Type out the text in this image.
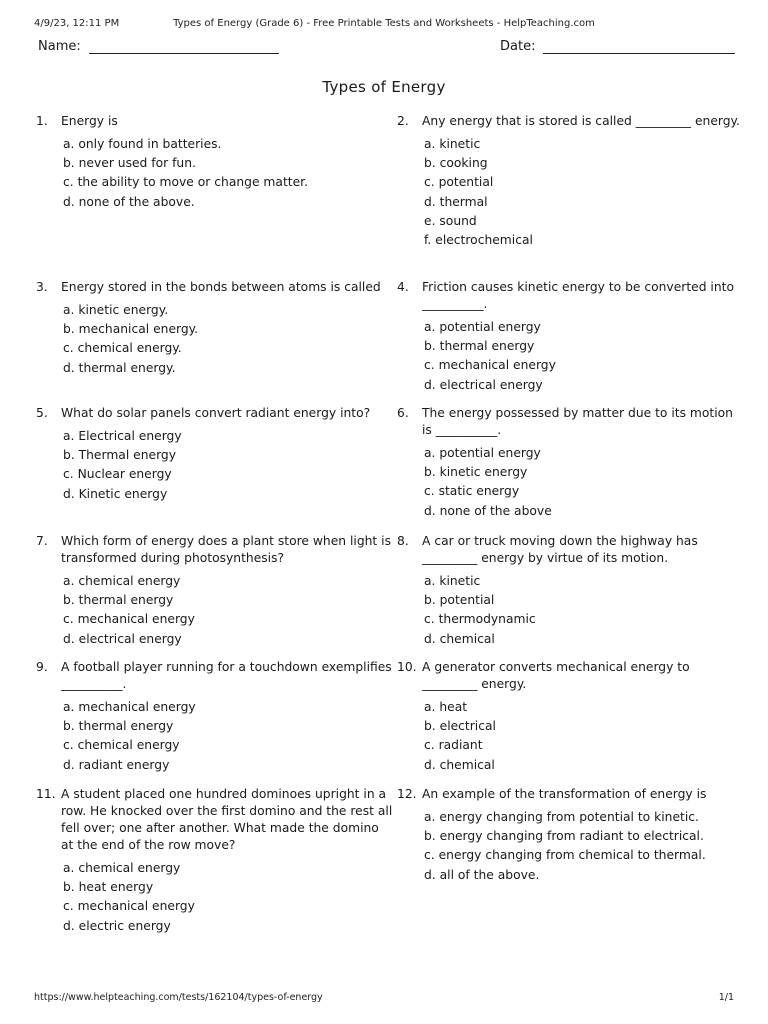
4/9/23, 12:11 PM	Types of Energy (Grade 6) - Free Printable Tests and Worksheets - HelpTeaching.com
Name:	Date:
Types of Energy
1.	Energy is
a. only found in batteries.
b. never used for fun.
c. the ability to move or change matter.
d. none of the above.
2.	Any energy that is stored is called _________ energy.
a. kinetic
b. cooking
c. potential
d. thermal
e. sound
f. electrochemical
3.	Energy stored in the bonds between atoms is called
a. kinetic energy.
b. mechanical energy.
c. chemical energy.
d. thermal energy.
4.	Friction causes kinetic energy to be converted into __________.
a. potential energy
b. thermal energy
c. mechanical energy
d. electrical energy
5.	What do solar panels convert radiant energy into?
a. Electrical energy
b. Thermal energy
c. Nuclear energy
d. Kinetic energy
6.	The energy possessed by matter due to its motion is __________.
a. potential energy
b. kinetic energy
c. static energy
d. none of the above
7.	Which form of energy does a plant store when light is transformed during photosynthesis?
a. chemical energy
b. thermal energy
c. mechanical energy
d. electrical energy
8.	A car or truck moving down the highway has _________ energy by virtue of its motion.
a. kinetic
b. potential
c. thermodynamic
d. chemical
9.	A football player running for a touchdown exemplifies __________.
a. mechanical energy
b. thermal energy
c. chemical energy
d. radiant energy
10. A generator converts mechanical energy to _________ energy.
a. heat
b. electrical
c. radiant
d. chemical
11. A student placed one hundred dominoes upright in a row. He knocked over the first domino and the rest all fell over; one after another. What made the domino at the end of the row move?
a. chemical energy
b. heat energy
c. mechanical energy
d. electric energy
12. An example of the transformation of energy is
a. energy changing from potential to kinetic.
b. energy changing from radiant to electrical.
c. energy changing from chemical to thermal.
d. all of the above.
https://www.helpteaching.com/tests/162104/types-of-energy	1/1
